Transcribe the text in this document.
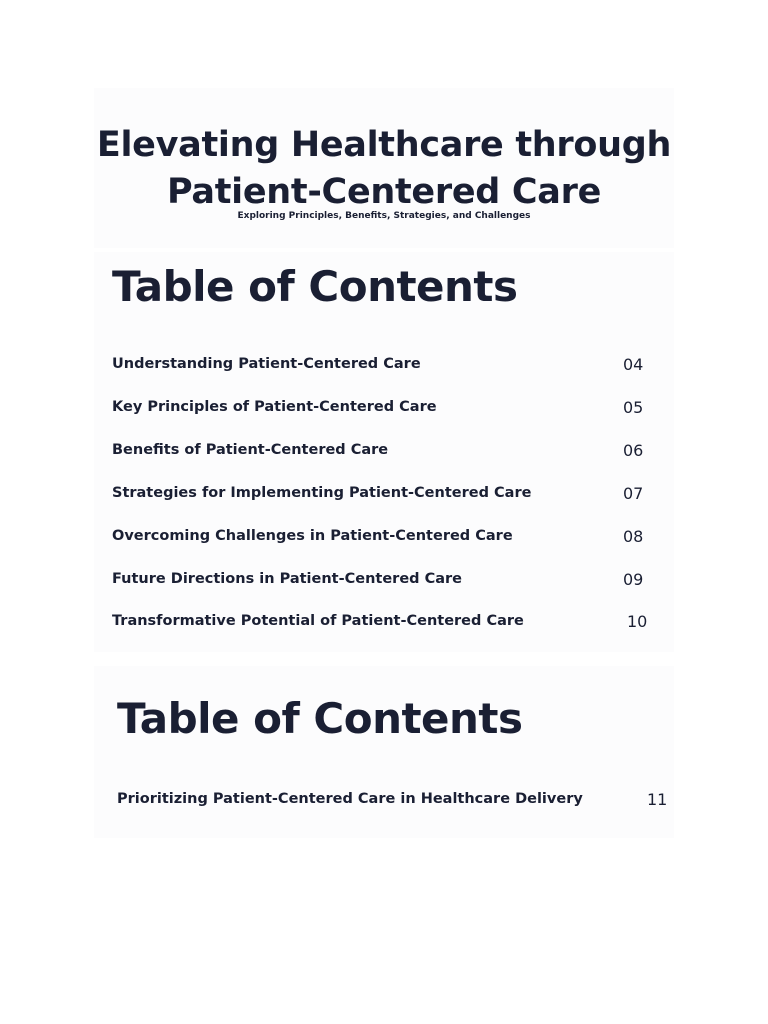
Elevating Healthcare through
Patient-Centered Care
Exploring Principles, Benefits, Strategies, and Challenges
Table of Contents
Understanding Patient-Centered Care	04
Key Principles of Patient-Centered Care	05
Benefits of Patient-Centered Care	06
Strategies for Implementing Patient-Centered Care	07
Overcoming Challenges in Patient-Centered Care	08
Future Directions in Patient-Centered Care	09
Transformative Potential of Patient-Centered Care	10
Table of Contents
Prioritizing Patient-Centered Care in Healthcare Delivery	11
